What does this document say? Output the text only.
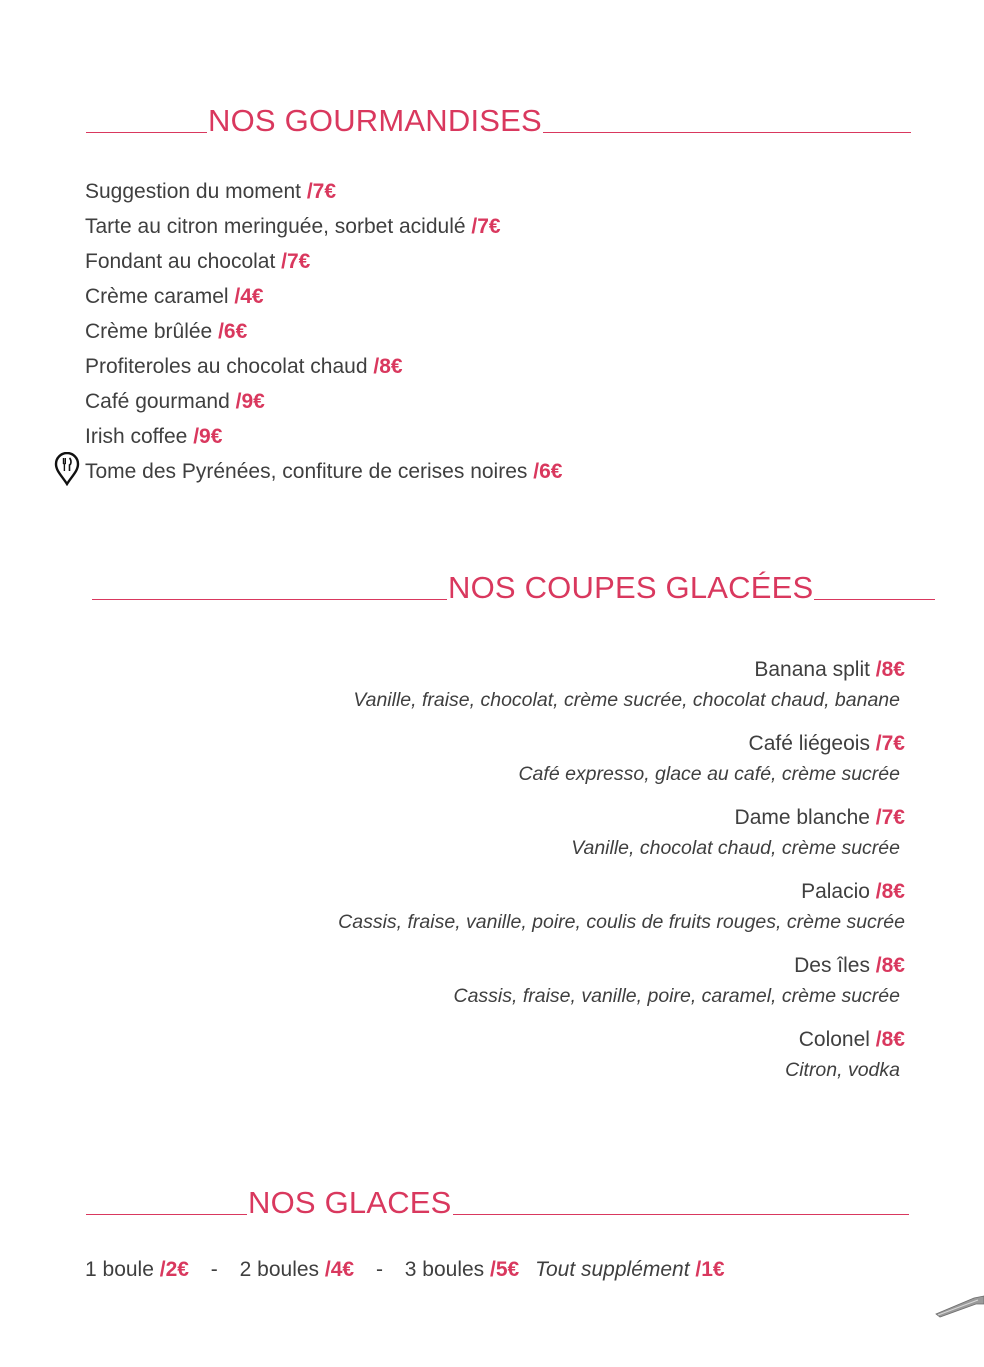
NOS GOURMANDISES
Suggestion du moment /7€
Tarte au citron meringuée, sorbet acidulé /7€
Fondant au chocolat /7€
Crème caramel /4€
Crème brûlée /6€
Profiteroles au chocolat chaud /8€
Café gourmand /9€
Irish coffee /9€
Tome des Pyrénées, confiture de cerises noires /6€
NOS COUPES GLACÉES
Banana split /8€
Vanille, fraise, chocolat, crème sucrée, chocolat chaud, banane
Café liégeois /7€
Café expresso, glace au café, crème sucrée
Dame blanche /7€
Vanille, chocolat chaud, crème sucrée
Palacio /8€
Cassis, fraise, vanille, poire, coulis de fruits rouges, crème sucrée
Des îles /8€
Cassis, fraise, vanille, poire, caramel, crème sucrée
Colonel /8€
Citron, vodka
NOS GLACES
1 boule /2€ - 2 boules /4€ - 3 boules /5€ Tout supplément /1€
